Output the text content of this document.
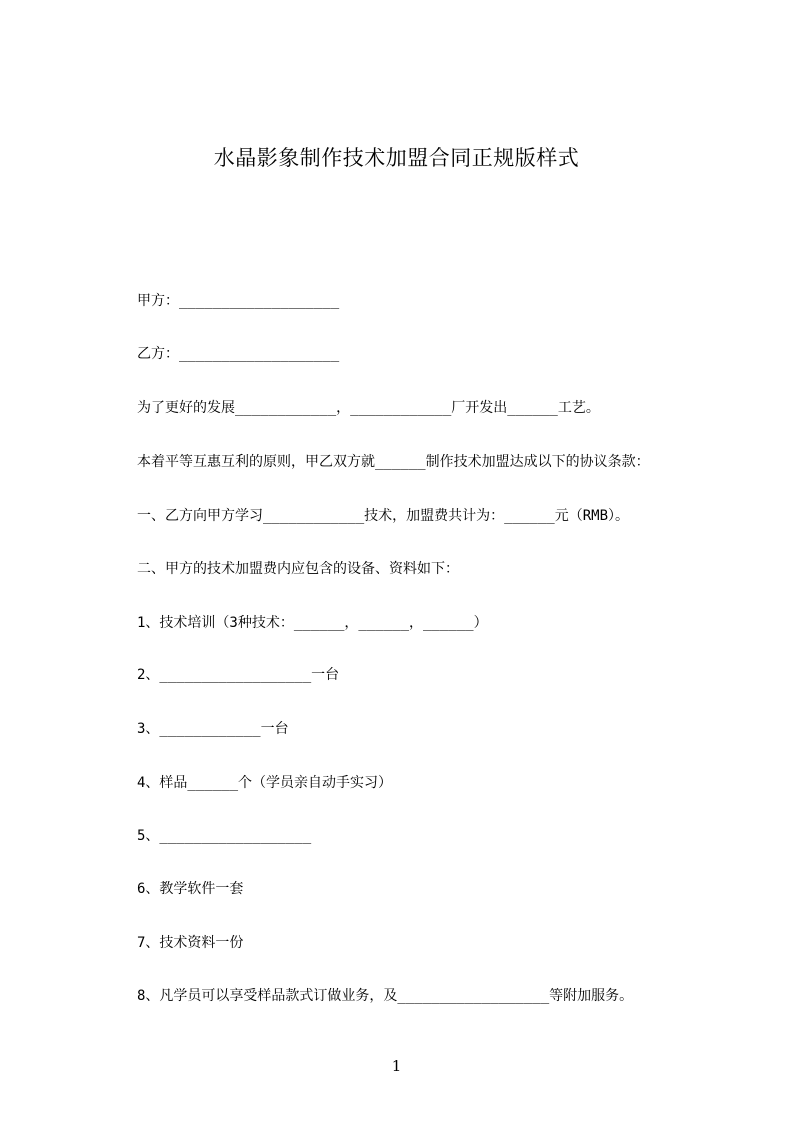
水晶影象制作技术加盟合同正规版样式
甲方：___________________
乙方：___________________
为了更好的发展____________，____________厂开发出______工艺。
本着平等互惠互利的原则，甲乙双方就______制作技术加盟达成以下的协议条款：
一、乙方向甲方学习____________技术，加盟费共计为：______元（RMB）。
二、甲方的技术加盟费内应包含的设备、资料如下：
1、技术培训（3种技术：______，______，______）
2、__________________一台
3、____________一台
4、样品______个（学员亲自动手实习）
5、__________________
6、教学软件一套
7、技术资料一份
8、凡学员可以享受样品款式订做业务，及__________________等附加服务。
1
